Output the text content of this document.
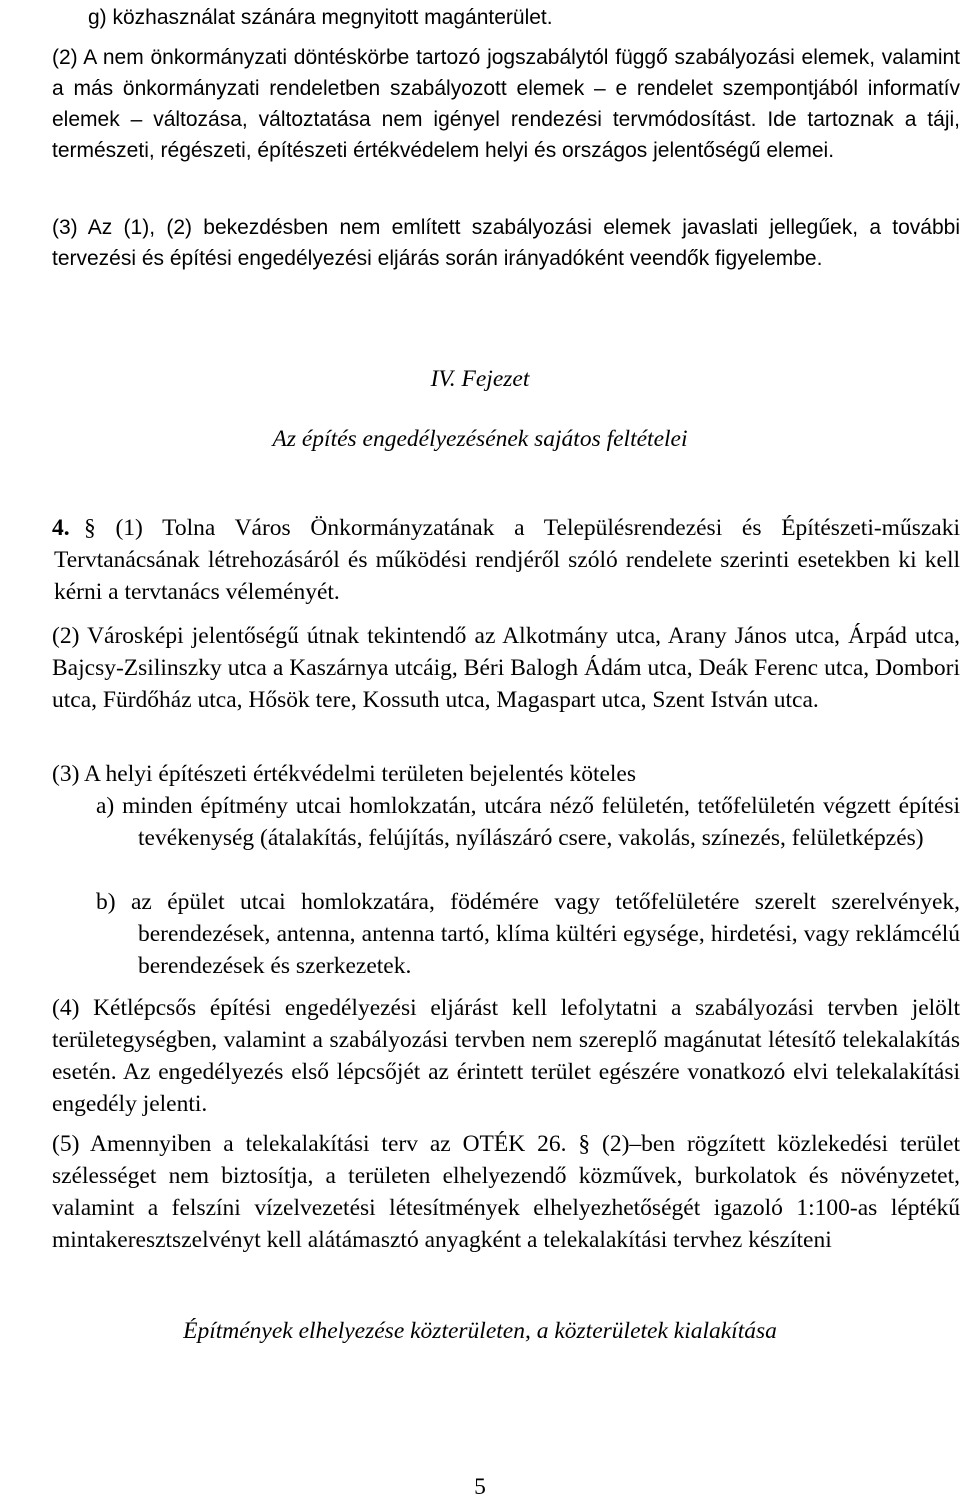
g) közhasználat szánára megnyitott magánterület.
(2) A nem önkormányzati döntéskörbe tartozó jogszabálytól függő szabályozási elemek, valamint a más önkormányzati rendeletben szabályozott elemek – e rendelet szempontjából informatív elemek – változása, változtatása nem igényel rendezési tervmódosítást. Ide tartoznak a táji, természeti, régészeti, építészeti értékvédelem helyi és országos jelentőségű elemei.
(3) Az (1), (2) bekezdésben nem említett szabályozási elemek javaslati jellegűek, a további tervezési és építési engedélyezési eljárás során irányadóként veendők figyelembe.
IV. Fejezet
Az építés engedélyezésének sajátos feltételei
4. § (1) Tolna Város Önkormányzatának a Településrendezési és Építészeti-műszaki Tervtanácsának létrehozásáról és működési rendjéről szóló rendelete szerinti esetekben ki kell kérni a tervtanács véleményét.
(2) Városképi jelentőségű útnak tekintendő az Alkotmány utca, Arany János utca, Árpád utca, Bajcsy-Zsilinszky utca a Kaszárnya utcáig, Béri Balogh Ádám utca, Deák Ferenc utca, Dombori utca, Fürdőház utca, Hősök tere, Kossuth utca, Magaspart utca, Szent István utca.
(3) A helyi építészeti értékvédelmi területen bejelentés köteles
a) minden építmény utcai homlokzatán, utcára néző felületén, tetőfelületén végzett építési tevékenység (átalakítás, felújítás, nyílászáró csere, vakolás, színezés, felületképzés)
b) az épület utcai homlokzatára, födémére vagy tetőfelületére szerelt szerelvények, berendezések, antenna, antenna tartó, klíma kültéri egysége, hirdetési, vagy reklámcélú berendezések és szerkezetek.
(4) Kétlépcsős építési engedélyezési eljárást kell lefolytatni a szabályozási tervben jelölt területegységben, valamint a szabályozási tervben nem szereplő magánutat létesítő telekalakítás esetén. Az engedélyezés első lépcsőjét az érintett terület egészére vonatkozó elvi telekalakítási engedély jelenti.
(5) Amennyiben a telekalakítási terv az OTÉK 26. § (2)–ben rögzített közlekedési terület szélességet nem biztosítja, a területen elhelyezendő közművek, burkolatok és növényzetet, valamint a felszíni vízelvezetési létesítmények elhelyezhetőségét igazoló 1:100-as léptékű mintakeresztszelvényt kell alátámasztó anyagként a telekalakítási tervhez készíteni
Építmények elhelyezése közterületen, a közterületek kialakítása
5
